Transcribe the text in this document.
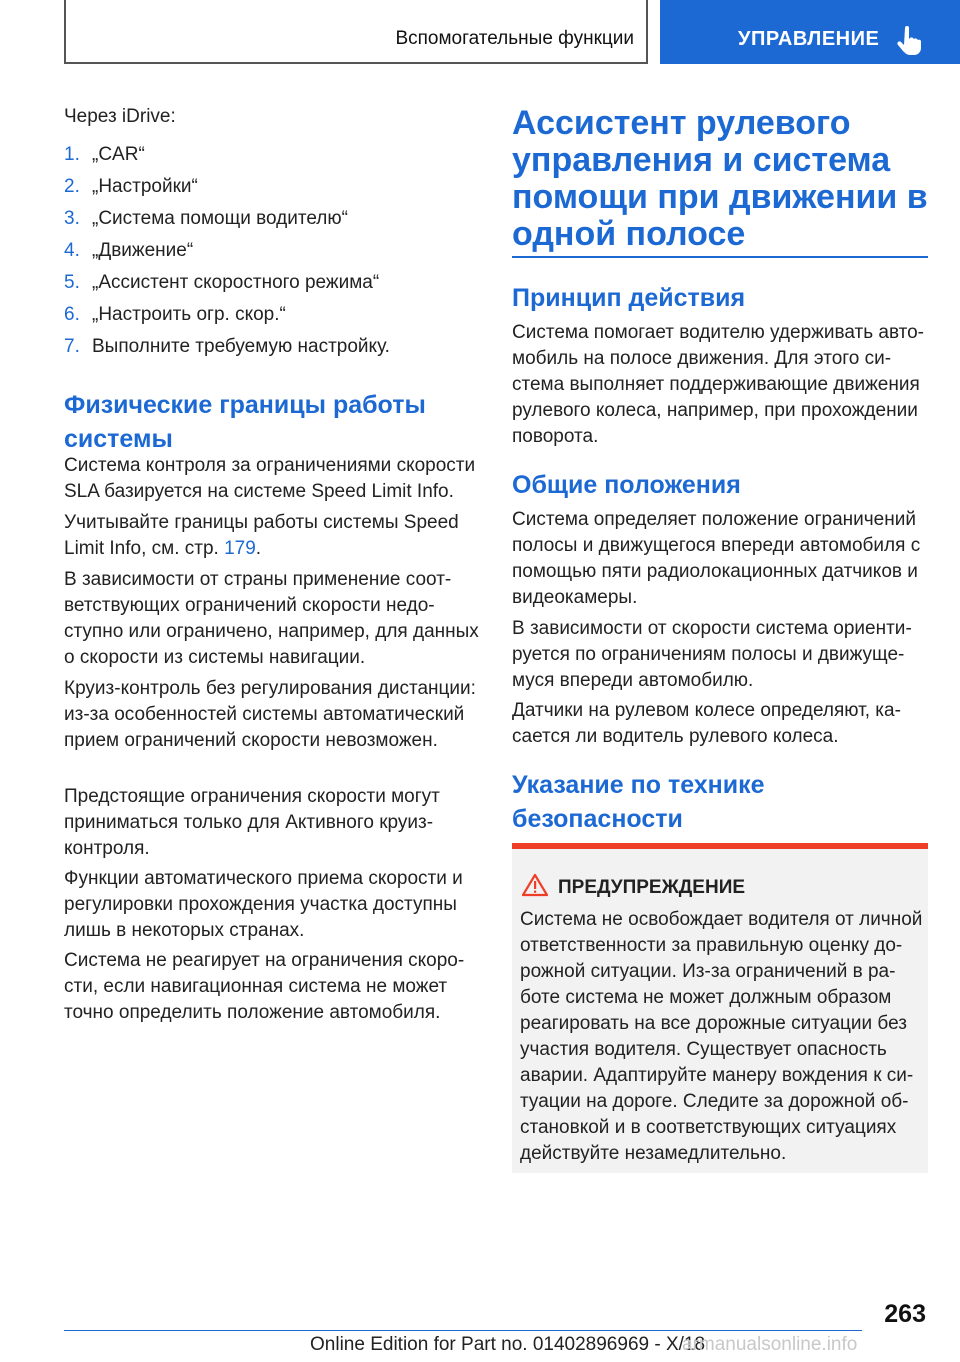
Вспомогательные функции	УПРАВЛЕНИЕ

Через iDrive:

1. „CAR“
2. „Настройки“
3. „Система помощи водителю“
4. „Движение“
5. „Ассистент скоростного режима“
6. „Настроить огр. скор.“
7. Выполните требуемую настройку.
Физические границы работы
системы

Система контроля за ограничениями скорости SLA базируется на системе Speed Limit Info.

Учитывайте границы работы системы Speed Limit Info, см. стр. 179.

В зависимости от страны применение соответствующих ограничений скорости недоступно или ограничено, например, для данных о скорости из системы навигации.

Круиз-контроль без регулирования дистанции: из-за особенностей системы автоматический прием ограничений скорости невозможен.

Предстоящие ограничения скорости могут приниматься только для Активного круиз-контроля.

Функции автоматического приема скорости и регулировки прохождения участка доступны лишь в некоторых странах.

Система не реагирует на ограничения скорости, если навигационная система не может точно определить положение автомобиля.

Ассистент рулевого
управления и система
помощи при движении в
одной полосе
Принцип действия

Система помогает водителю удерживать автомобиль на полосе движения. Для этого система выполняет поддерживающие движения рулевого колеса, например, при прохождении поворота.

Общие положения

Система определяет положение ограничений полосы и движущегося впереди автомобиля с помощью пяти радиолокационных датчиков и видеокамеры.

В зависимости от скорости система ориентируется по ограничениям полосы и движущемуся впереди автомобилю.

Датчики на рулевом колесе определяют, касается ли водитель рулевого колеса.

Указание по технике
безопасности
ПРЕДУПРЕЖДЕНИЕ

Система не освобождает водителя от личной ответственности за правильную оценку дорожной ситуации. Из-за ограничений в работе система не может должным образом реагировать на все дорожные ситуации без участия водителя. Существует опасность аварии. Адаптируйте манеру вождения к ситуации на дороге. Следите за дорожной обстановкой и в соответствующих ситуациях действуйте незамедлительно.

263
Online Edition for Part no. 01402896969 - X/18
armanualsonline.info
